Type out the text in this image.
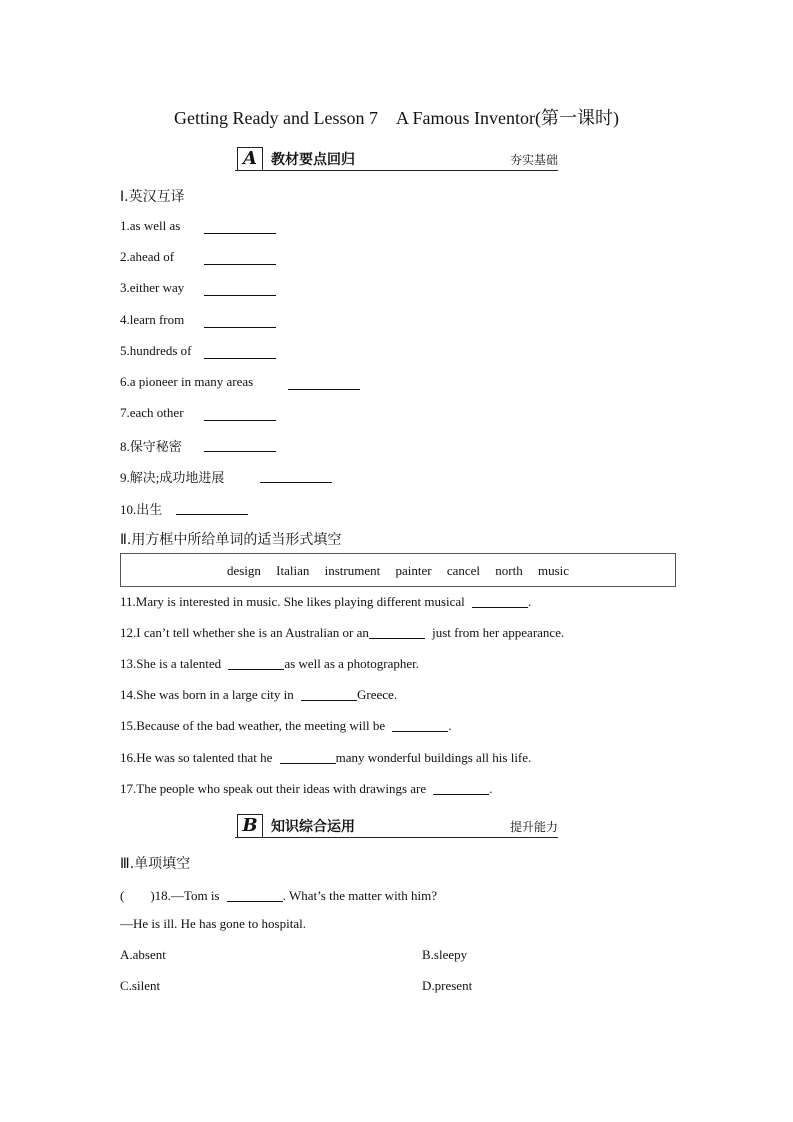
Getting Ready and Lesson 7 A Famous Inventor(第一课时)
A	教材要点回归	夯实基础
Ⅰ.英汉互译
1.as well as
2.ahead of
3.either way
4.learn from
5.hundreds of
6.a pioneer in many areas
7.each other
8.保守秘密
9.解决;成功地进展
10.出生
Ⅱ.用方框中所给单词的适当形式填空
design Italian instrument painter cancel north music
11.Mary is interested in music. She likes playing different musical	.
12.I can’t tell whether she is an Australian or an	just from her appearance.
13.She is a talented	as well as a photographer.
14.She was born in a large city in	Greece.
15.Because of the bad weather, the meeting will be	.
16.He was so talented that he	many wonderful buildings all his life.
17.The people who speak out their ideas with drawings are	.
B 知识综合运用	提升能力
Ⅲ.单项填空
(　　)18.—Tom is	. What’s the matter with him?
—He is ill. He has gone to hospital.
A.absent	B.sleepy
C.silent	D.present
